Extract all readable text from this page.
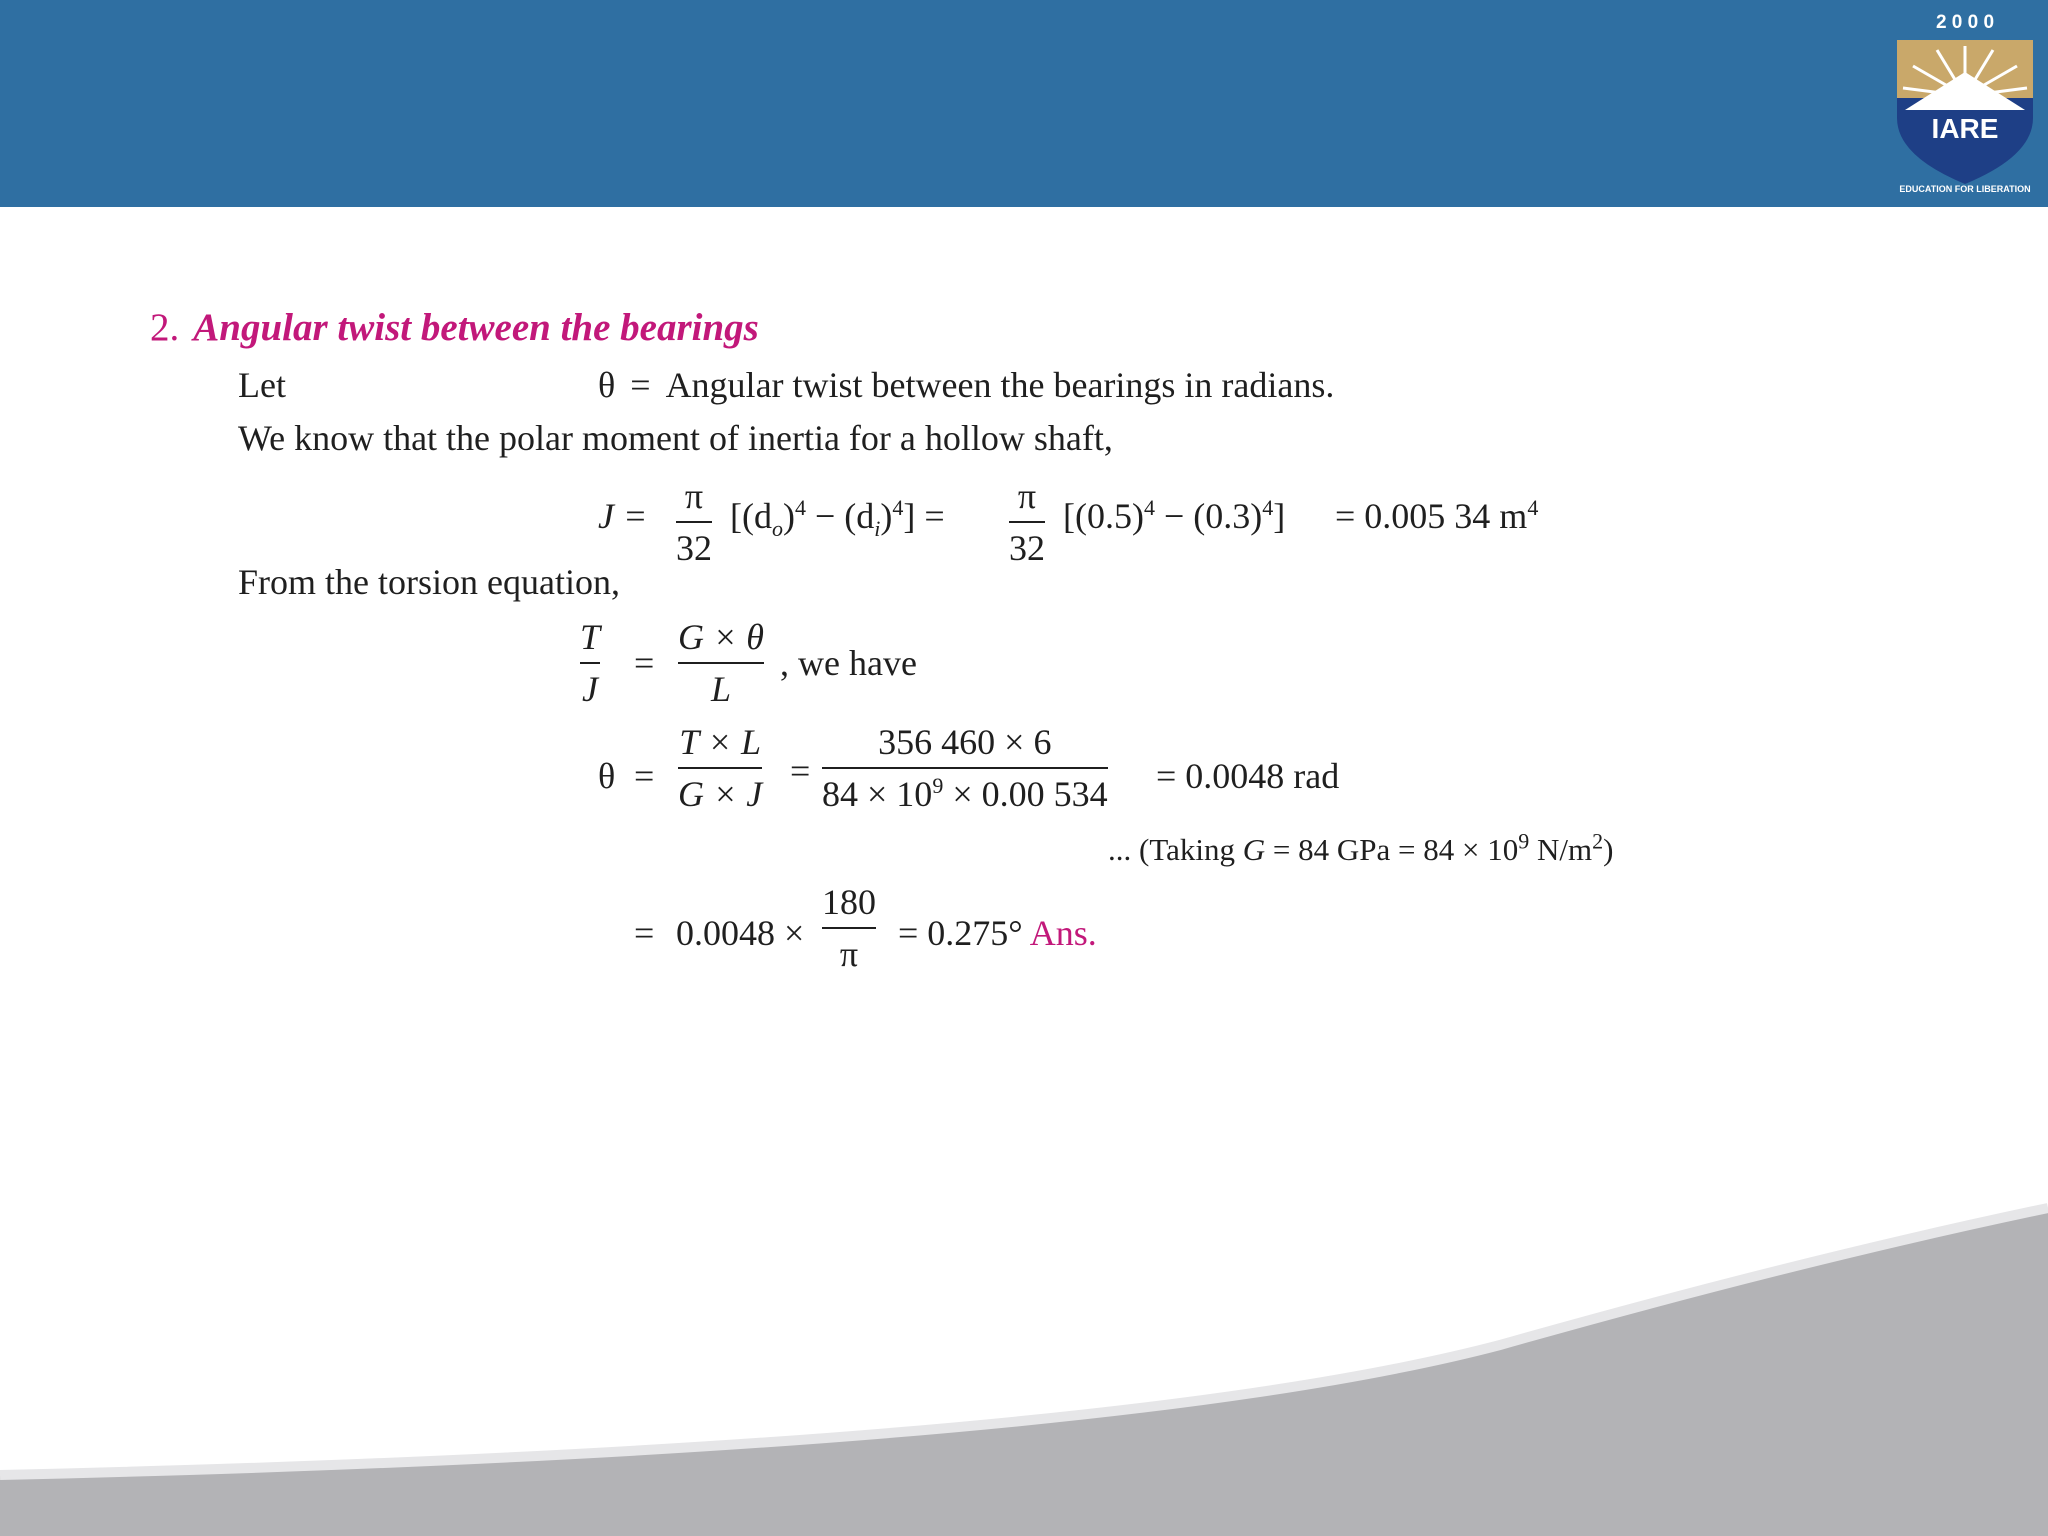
2 0 0 0
IARE
EDUCATION FOR LIBERATION
2. Angular twist between the bearings
Let	θ = Angular twist between the bearings in radians.
We know that the polar moment of inertia for a hollow shaft,
J = π
32
$[(d_o)^4 - (d_i)^4] = \pi$
32
$[(0.5)^4 - (0.3)^4] = 0.005$ 34 $m^4$
From the torsion equation,
T
J
=
G × θ
L
, we have
θ =
T × L
G × J
=
356 460 × 6
$84 \times 10^9 \times 0.00$ 534 = 0.0048 rad
... (Taking G = 84 GPa = $84 \times 10^9$ $N/m^2$)
= 0.0048 ×
180
π
= 0.275° Ans.
